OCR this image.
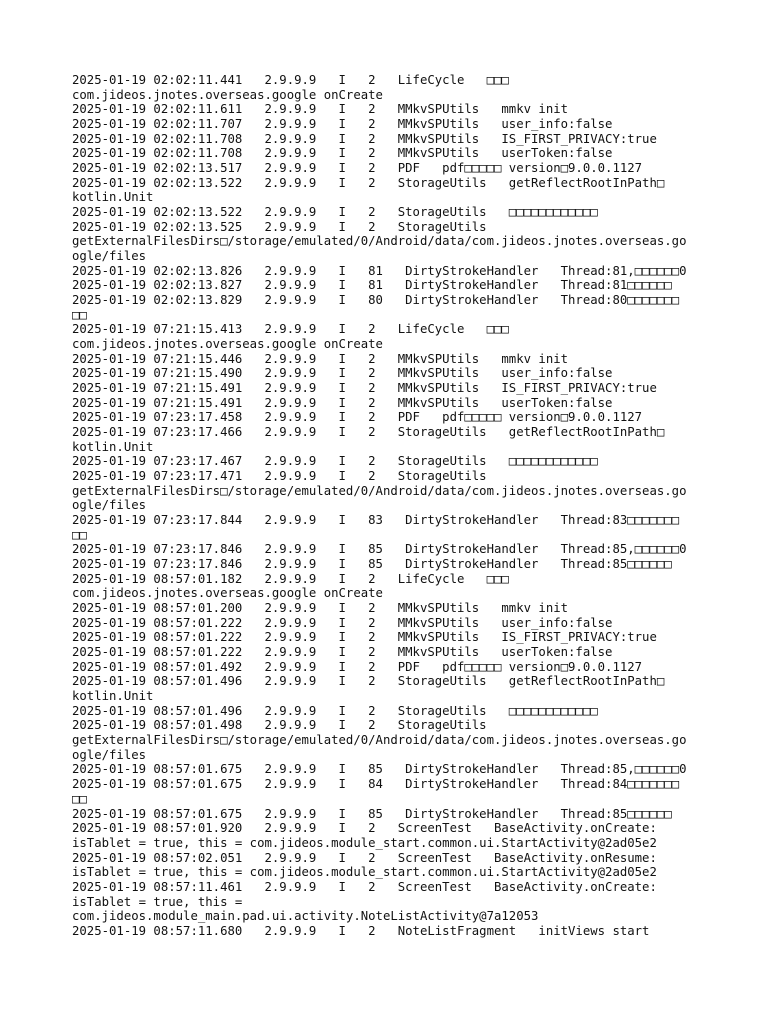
2025-01-19 02:02:11.441   2.9.9.9   I   2   LifeCycle   □□□
com.jideos.jnotes.overseas.google onCreate
2025-01-19 02:02:11.611   2.9.9.9   I   2   MMkvSPUtils   mmkv init
2025-01-19 02:02:11.707   2.9.9.9   I   2   MMkvSPUtils   user_info:false
2025-01-19 02:02:11.708   2.9.9.9   I   2   MMkvSPUtils   IS_FIRST_PRIVACY:true
2025-01-19 02:02:11.708   2.9.9.9   I   2   MMkvSPUtils   userToken:false
2025-01-19 02:02:13.517   2.9.9.9   I   2   PDF   pdf□□□□□ version□9.0.0.1127
2025-01-19 02:02:13.522   2.9.9.9   I   2   StorageUtils   getReflectRootInPath□
kotlin.Unit
2025-01-19 02:02:13.522   2.9.9.9   I   2   StorageUtils   □□□□□□□□□□□□
2025-01-19 02:02:13.525   2.9.9.9   I   2   StorageUtils
getExternalFilesDirs□/storage/emulated/0/Android/data/com.jideos.jnotes.overseas.go
ogle/files
2025-01-19 02:02:13.826   2.9.9.9   I   81   DirtyStrokeHandler   Thread:81,□□□□□□0
2025-01-19 02:02:13.827   2.9.9.9   I   81   DirtyStrokeHandler   Thread:81□□□□□□
2025-01-19 02:02:13.829   2.9.9.9   I   80   DirtyStrokeHandler   Thread:80□□□□□□□
□□
2025-01-19 07:21:15.413   2.9.9.9   I   2   LifeCycle   □□□
com.jideos.jnotes.overseas.google onCreate
2025-01-19 07:21:15.446   2.9.9.9   I   2   MMkvSPUtils   mmkv init
2025-01-19 07:21:15.490   2.9.9.9   I   2   MMkvSPUtils   user_info:false
2025-01-19 07:21:15.491   2.9.9.9   I   2   MMkvSPUtils   IS_FIRST_PRIVACY:true
2025-01-19 07:21:15.491   2.9.9.9   I   2   MMkvSPUtils   userToken:false
2025-01-19 07:23:17.458   2.9.9.9   I   2   PDF   pdf□□□□□ version□9.0.0.1127
2025-01-19 07:23:17.466   2.9.9.9   I   2   StorageUtils   getReflectRootInPath□
kotlin.Unit
2025-01-19 07:23:17.467   2.9.9.9   I   2   StorageUtils   □□□□□□□□□□□□
2025-01-19 07:23:17.471   2.9.9.9   I   2   StorageUtils
getExternalFilesDirs□/storage/emulated/0/Android/data/com.jideos.jnotes.overseas.go
ogle/files
2025-01-19 07:23:17.844   2.9.9.9   I   83   DirtyStrokeHandler   Thread:83□□□□□□□
□□
2025-01-19 07:23:17.846   2.9.9.9   I   85   DirtyStrokeHandler   Thread:85,□□□□□□0
2025-01-19 07:23:17.846   2.9.9.9   I   85   DirtyStrokeHandler   Thread:85□□□□□□
2025-01-19 08:57:01.182   2.9.9.9   I   2   LifeCycle   □□□
com.jideos.jnotes.overseas.google onCreate
2025-01-19 08:57:01.200   2.9.9.9   I   2   MMkvSPUtils   mmkv init
2025-01-19 08:57:01.222   2.9.9.9   I   2   MMkvSPUtils   user_info:false
2025-01-19 08:57:01.222   2.9.9.9   I   2   MMkvSPUtils   IS_FIRST_PRIVACY:true
2025-01-19 08:57:01.222   2.9.9.9   I   2   MMkvSPUtils   userToken:false
2025-01-19 08:57:01.492   2.9.9.9   I   2   PDF   pdf□□□□□ version□9.0.0.1127
2025-01-19 08:57:01.496   2.9.9.9   I   2   StorageUtils   getReflectRootInPath□
kotlin.Unit
2025-01-19 08:57:01.496   2.9.9.9   I   2   StorageUtils   □□□□□□□□□□□□
2025-01-19 08:57:01.498   2.9.9.9   I   2   StorageUtils
getExternalFilesDirs□/storage/emulated/0/Android/data/com.jideos.jnotes.overseas.go
ogle/files
2025-01-19 08:57:01.675   2.9.9.9   I   85   DirtyStrokeHandler   Thread:85,□□□□□□0
2025-01-19 08:57:01.675   2.9.9.9   I   84   DirtyStrokeHandler   Thread:84□□□□□□□
□□
2025-01-19 08:57:01.675   2.9.9.9   I   85   DirtyStrokeHandler   Thread:85□□□□□□
2025-01-19 08:57:01.920   2.9.9.9   I   2   ScreenTest   BaseActivity.onCreate:
isTablet = true, this = com.jideos.module_start.common.ui.StartActivity@2ad05e2
2025-01-19 08:57:02.051   2.9.9.9   I   2   ScreenTest   BaseActivity.onResume:
isTablet = true, this = com.jideos.module_start.common.ui.StartActivity@2ad05e2
2025-01-19 08:57:11.461   2.9.9.9   I   2   ScreenTest   BaseActivity.onCreate:
isTablet = true, this =
com.jideos.module_main.pad.ui.activity.NoteListActivity@7a12053
2025-01-19 08:57:11.680   2.9.9.9   I   2   NoteListFragment   initViews start
